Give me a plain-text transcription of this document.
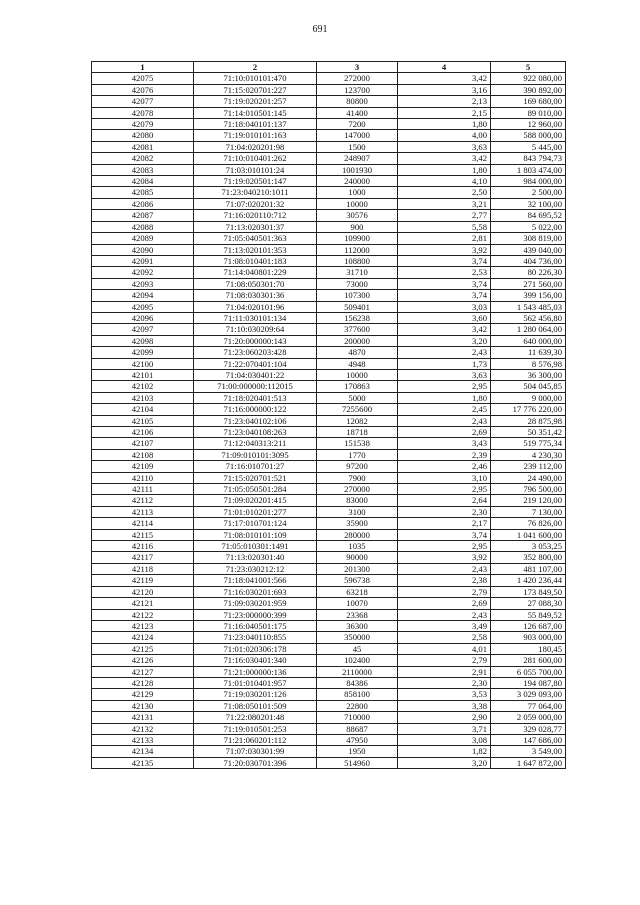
691
1	2	3	4	5
42075	71:10:010101:470	272000	3,42	922 080,00
42076	71:15:020701:227	123700	3,16	390 892,00
42077	71:19:020201:257	80800	2,13	169 680,00
42078	71:14:010501:145	41400	2,15	89 010,00
42079	71:18:040101:137	7200	1,80	12 960,00
42080	71:19:010101:163	147000	4,00	588 000,00
42081	71:04:020201:98	1500	3,63	5 445,00
42082	71:10:010401:262	248907	3,42	843 794,73
42083	71:03:010101:24	1001930	1,80	1 803 474,00
42084	71:19:020501:147	240000	4,10	984 000,00
42085	71:23:040210:1011	1000	2,50	2 500,00
42086	71:07:020201:32	10000	3,21	32 100,00
42087	71:16:020110:712	30576	2,77	84 695,52
42088	71:13:020301:37	900	5,58	5 022,00
42089	71:05:040501:363	109900	2,81	308 819,00
42090	71:13:020101:353	112000	3,92	439 040,00
42091	71:08:010401:183	108800	3,74	404 736,00
42092	71:14:040801:229	31710	2,53	80 226,30
42093	71:08:050301:70	73000	3,74	271 560,00
42094	71:08:030301:36	107300	3,74	399 156,00
42095	71:04:020101:96	509401	3,03	1 543 485,03
42096	71:11:030101:134	156238	3,60	562 456,80
42097	71:10:030209:64	377600	3,42	1 280 064,00
42098	71:20:000000:143	200000	3,20	640 000,00
42099	71:23:060203:428	4870	2,43	11 639,30
42100	71:22:070401:104	4948	1,73	8 576,98
42101	71:04:030401:22	10000	3,63	36 300,00
42102	71:00:000000:112015	170863	2,95	504 045,85
42103	71:18:020401:513	5000	1,80	9 000,00
42104	71:16:000000:122	7255600	2,45	17 776 220,00
42105	71:23:040102:106	12082	2,43	28 875,98
42106	71:23:040108:263	18718	2,69	50 351,42
42107	71:12:040313:211	151538	3,43	519 775,34
42108	71:09:010101:3095	1770	2,39	4 230,30
42109	71:16:010701:27	97200	2,46	239 112,00
42110	71:15:020701:521	7900	3,10	24 490,00
42111	71:05:050501:284	270000	2,95	796 500,00
42112	71:09:020201:415	83000	2,64	219 120,00
42113	71:01:010201:277	3100	2,30	7 130,00
42114	71:17:010701:124	35900	2,17	76 826,00
42115	71:08:010101:109	280000	3,74	1 041 600,00
42116	71:05:010301:1491	1035	2,95	3 053,25
42117	71:13:020301:40	90000	3,92	352 800,00
42118	71:23:030212:12	201300	2,43	481 107,00
42119	71:18:041001:566	596738	2,38	1 420 236,44
42120	71:16:030201:693	63218	2,79	173 849,50
42121	71:09:030201:959	10070	2,69	27 088,30
42122	71:23:000000:399	23368	2,43	55 849,52
42123	71:16:040501:175	36300	3,49	126 687,00
42124	71:23:040110:855	350000	2,58	903 000,00
42125	71:01:020306:178	45	4,01	180,45
42126	71:16:030401:340	102400	2,79	281 600,00
42127	71:21:000000:136	2110000	2,91	6 055 700,00
42128	71:01:010401:957	84386	2,30	194 087,80
42129	71:19:030201:126	858100	3,53	3 029 093,00
42130	71:08:050101:509	22800	3,38	77 064,00
42131	71:22:080201:48	710000	2,90	2 059 000,00
42132	71:19:010501:253	88687	3,71	329 028,77
42133	71:21:060201:112	47950	3,08	147 686,00
42134	71:07:030301:99	1950	1,82	3 549,00
42135	71:20:030701:396	514960	3,20	1 647 872,00
